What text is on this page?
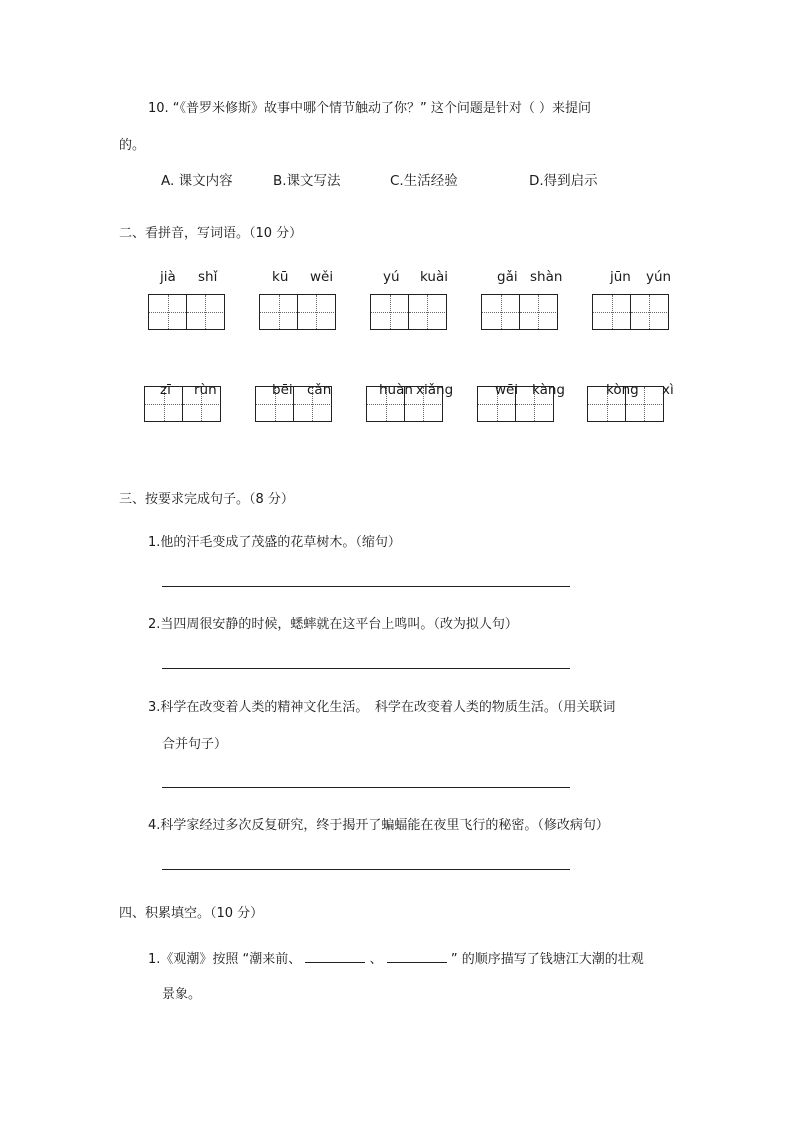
10. “《普罗米修斯》故事中哪个情节触动了你？” 这个问题是针对（ ）来提问
的。
A. 课文内容	B.课文写法	C.生活经验	D.得到启示
二、看拼音，写词语。（10 分）
jià shǐ	kū wěi	yú kuài	gǎi shàn	jūn yún
zī rùn	bēi cǎn	huàn xiǎng	wēi kàng	kòng xì
三、按要求完成句子。（8 分）
1.他的汗毛变成了茂盛的花草树木。（缩句）
2.当四周很安静的时候，蟋蟀就在这平台上鸣叫。（改为拟人句）
3.科学在改变着人类的精神文化生活。　科学在改变着人类的物质生活。（用关联词
合并句子）
4.科学家经过多次反复研究，终于揭开了蝙蝠能在夜里飞行的秘密。（修改病句）
四、积累填空。（10 分）
1.《观潮》按照 “潮来前、	、	” 的顺序描写了钱塘江大潮的壮观
景象。
